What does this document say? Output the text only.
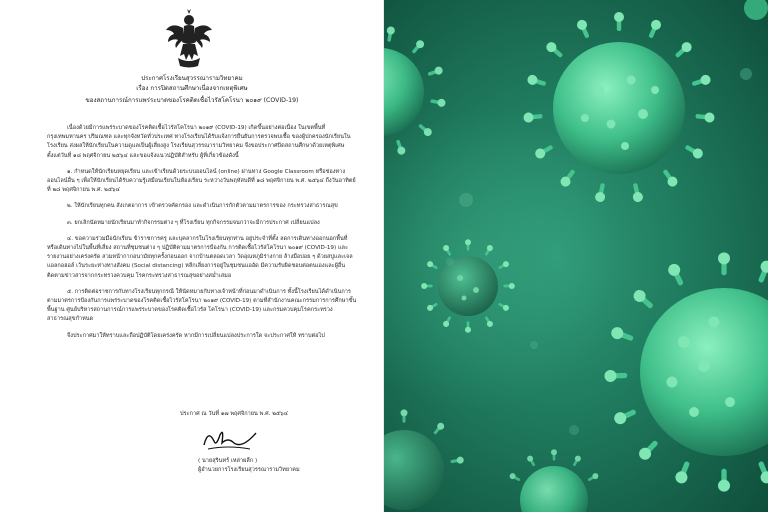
ประกาศโรงเรียนสุวรรณารามวิทยาคม
เรื่อง การปิดสถานศึกษาเนื่องจากเหตุพิเศษ
ของสถานการณ์การแพร่ระบาดของโรคติดเชื้อไวรัสโคโรนา ๒๐๑๙ (COVID-19)

เนื่องด้วยมีการแพร่ระบาดของโรคติดเชื้อไวรัสโคโรนา ๒๐๑๙ (COVID-19) เกิดขึ้นอย่างต่อเนื่อง ในเขตพื้นที่กรุงเทพมหานคร ปริมณฑล และทุกจังหวัดทั่วประเทศ ทางโรงเรียนได้รับแจ้งการยืนยันการตรวจพบเชื้อ ของผู้ปกครองนักเรียนในโรงเรียน ส่งผลให้นักเรียนในความดูแลเป็นผู้เสี่ยงสูง โรงเรียนสุวรรณารามวิทยาคม จึงขอประกาศปิดสถานศึกษาด้วยเหตุพิเศษ ตั้งแต่วันที่ ๑๘ พฤศจิกายน ๒๕๖๔ และขอแจ้งแนวปฏิบัติสำหรับ ผู้ที่เกี่ยวข้องดังนี้

๑. กำหนดให้นักเรียนหยุดเรียน และเข้าเรียนด้วยระบบออนไลน์ (online) ผ่านทาง Google Classroom หรือช่องทางออนไลน์อื่น ๆ เพื่อให้นักเรียนได้รับความรู้เสมือนเรียนในห้องเรียน ระหว่างวันพฤหัสบดีที่ ๑๘ พฤศจิกายน พ.ศ. ๒๕๖๔ ถึงวันอาทิตย์ ที่ ๒๘ พฤศจิกายน พ.ศ. ๒๕๖๔

๒. ให้นักเรียนทุกคน สังเกตอาการ เข้าตรวจคัดกรอง และดำเนินการกักตัวตามมาตรการของ กระทรวงสาธารณสุข

๓. ยกเลิกนัดหมายนักเรียนมาทำกิจกรรมต่าง ๆ ที่โรงเรียน ทุกกิจกรรมจนกว่าจะมีการประกาศ เปลี่ยนแปลง

๔. ขอความร่วมมือนักเรียน ข้าราชการครู และบุคลากรในโรงเรียนทุกท่าน อยู่ประจำที่ตั้ง ลดการเดินทางออกนอกพื้นที่ หรือเดินทางไปในพื้นที่เสี่ยง สถานที่ชุมชนต่าง ๆ ปฏิบัติตามมาตรการป้องกัน การติดเชื้อไวรัสโคโรนา ๒๐๑๙ (COVID-19) และรายงานอย่างเคร่งครัด สวมหน้ากากอนามัยทุกครั้งก่อนออก จากบ้านตลอดเวลา วัดอุณหภูมิร่างกาย ล้างมือบ่อย ๆ ด้วยสบู่และเจลแอลกอฮอล์ เว้นระยะห่างทางสังคม (Social distancing) หลีกเลี่ยงการอยู่ในชุมชนแออัด มีความรับผิดชอบต่อตนเองและผู้อื่น ติดตามข่าวสารจากกระทรวงควบคุม โรคกระทรวงสาธารณสุขอย่างสม่ำเสมอ

๕. การติดต่อราชการกับทางโรงเรียนทุกกรณี ให้นัดหมายกับทางเจ้าหน้าที่ก่อนมาดำเนินการ ทั้งนี้โรงเรียนได้ดำเนินการตามมาตรการป้องกันการแพร่ระบาดของโรคติดเชื้อไวรัสโคโรนา ๒๐๑๙ (COVID-19) ตามที่สำนักงานคณะกรรมการการศึกษาขั้นพื้นฐาน ศูนย์บริหารสถานการณ์การแพร่ระบาดของโรคติดเชื้อไวรัส โคโรนา (COVID-19) และกรมควบคุมโรคกระทรวงสาธารณสุขกำหนด

จึงประกาศมาให้ทราบและถือปฏิบัติโดยเคร่งครัด หากมีการเปลี่ยนแปลงประการใด จะประกาศให้ ทราบต่อไป

ประกาศ ณ วันที่ ๑๗ พฤศจิกายน พ.ศ. ๒๕๖๔
( นายสุรินทร์ เหล่าผลึก )
ผู้อำนวยการโรงเรียนสุวรรณารามวิทยาคม
